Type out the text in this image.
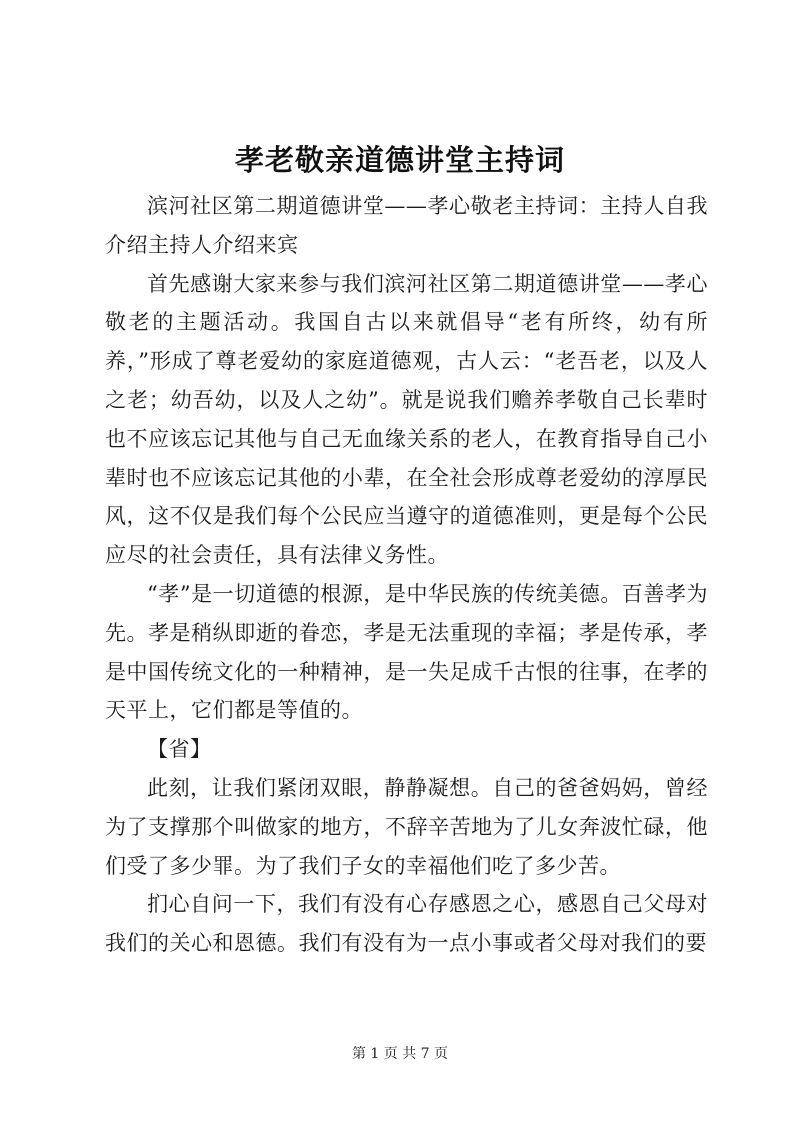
孝老敬亲道德讲堂主持词

滨河社区第二期道德讲堂——孝心敬老主持词：主持人自我介绍主持人介绍来宾

首先感谢大家来参与我们滨河社区第二期道德讲堂——孝心敬老的主题活动。我国自古以来就倡导“老有所终，幼有所养，”形成了尊老爱幼的家庭道德观，古人云：“老吾老，以及人之老；幼吾幼，以及人之幼”。就是说我们赡养孝敬自己长辈时也不应该忘记其他与自己无血缘关系的老人，在教育指导自己小辈时也不应该忘记其他的小辈，在全社会形成尊老爱幼的淳厚民风，这不仅是我们每个公民应当遵守的道德准则，更是每个公民应尽的社会责任，具有法律义务性。

“孝”是一切道德的根源，是中华民族的传统美德。百善孝为先。孝是稍纵即逝的眷恋，孝是无法重现的幸福；孝是传承，孝是中国传统文化的一种精神，是一失足成千古恨的往事，在孝的天平上，它们都是等值的。

【省】

此刻，让我们紧闭双眼，静静凝想。自己的爸爸妈妈，曾经为了支撑那个叫做家的地方，不辞辛苦地为了儿女奔波忙碌，他们受了多少罪。为了我们子女的幸福他们吃了多少苦。

扪心自问一下，我们有没有心存感恩之心，感恩自己父母对我们的关心和恩德。我们有没有为一点小事或者父母对我们的要

第 1 页 共 7 页
